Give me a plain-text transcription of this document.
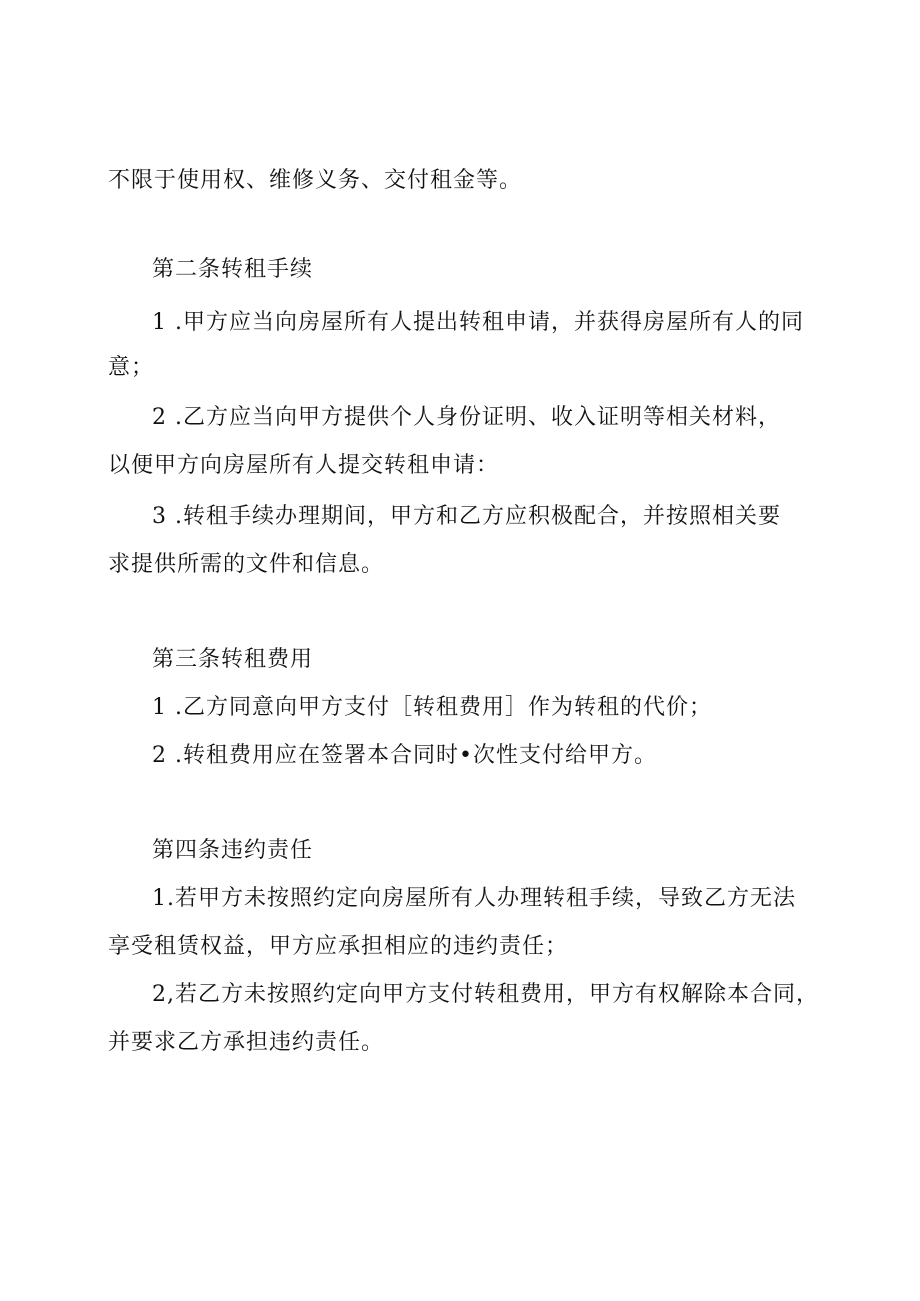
不限于使用权、维修义务、交付租金等。
第二条转租手续
1 .甲方应当向房屋所有人提出转租申请，并获得房屋所有人的同
意；
2 .乙方应当向甲方提供个人身份证明、收入证明等相关材料，
以便甲方向房屋所有人提交转租申请：
3 .转租手续办理期间，甲方和乙方应积极配合，并按照相关要
求提供所需的文件和信息。
第三条转租费用
1 .乙方同意向甲方支付［转租费用］作为转租的代价；
2 .转租费用应在签署本合同时•次性支付给甲方。
第四条违约责任
1.若甲方未按照约定向房屋所有人办理转租手续，导致乙方无法
享受租赁权益，甲方应承担相应的违约责任；
2,若乙方未按照约定向甲方支付转租费用，甲方有权解除本合同，
并要求乙方承担违约责任。
